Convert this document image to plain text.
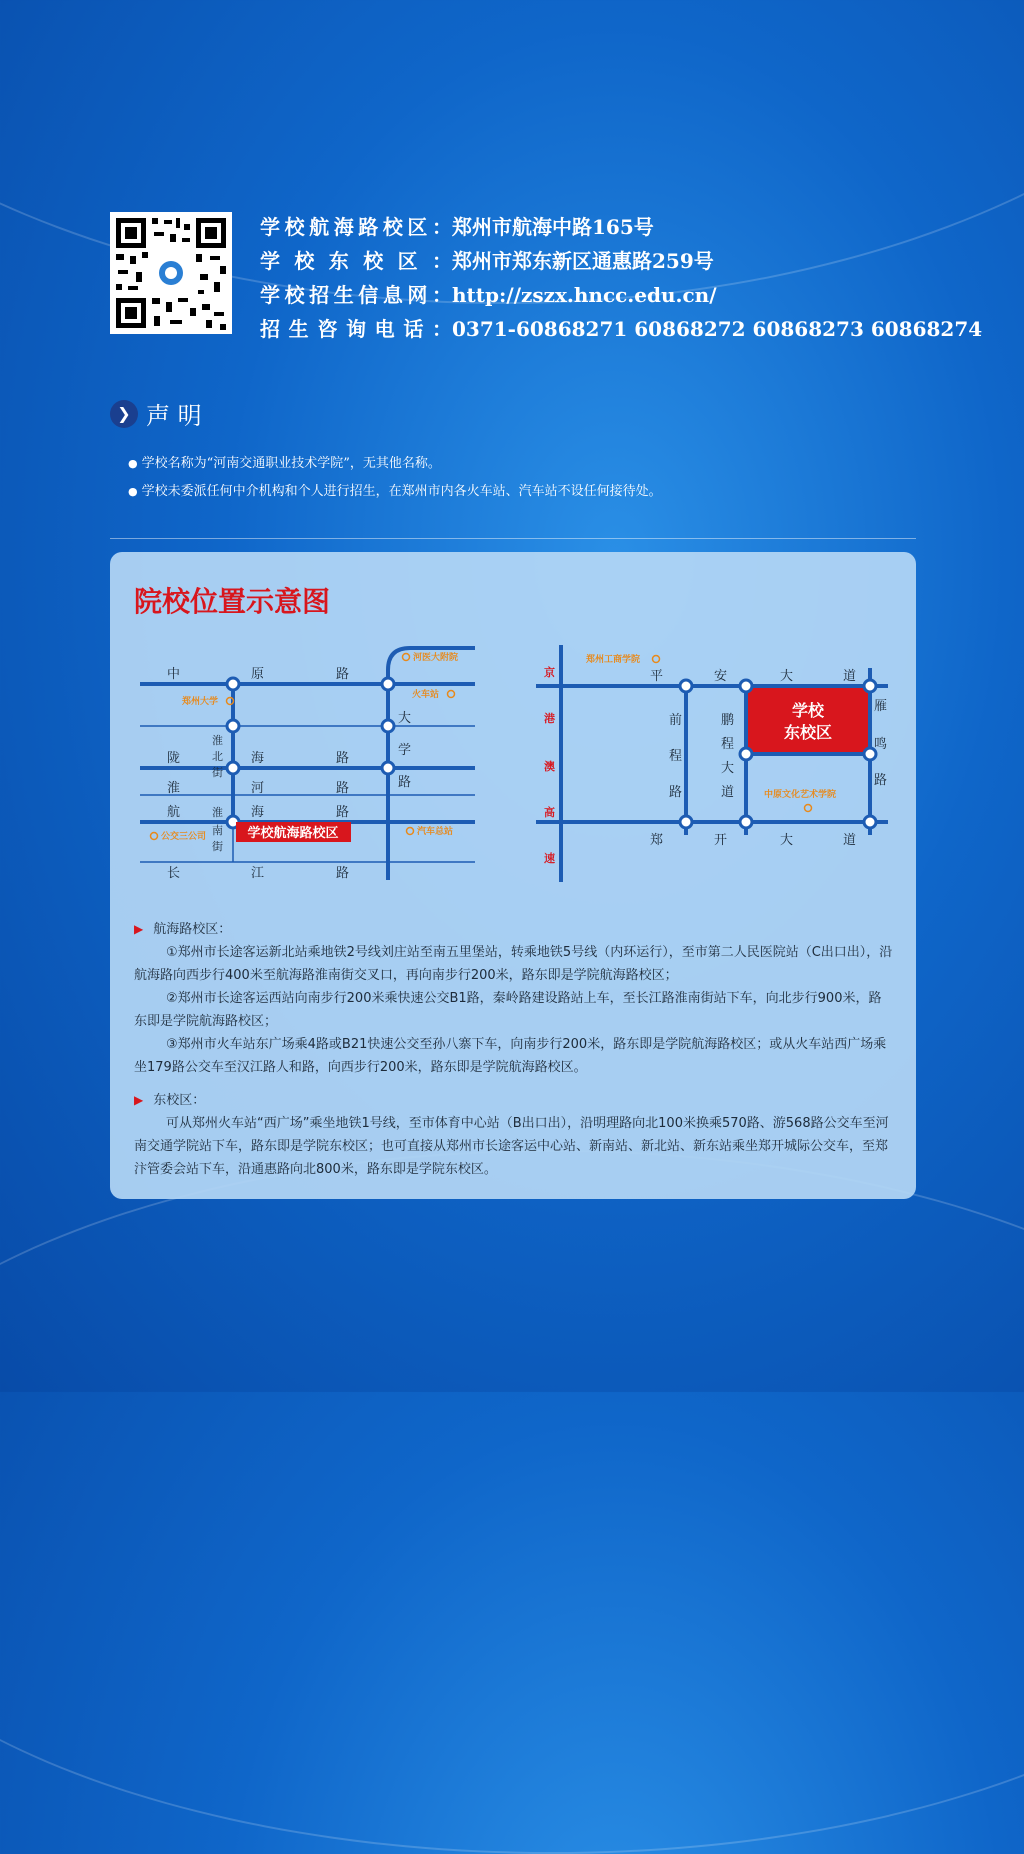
学校航海路校区： 郑州市航海中路165号
学校东校区： 郑州市郑东新区通惠路259号
学校招生信息网： http://zszx.hncc.edu.cn/
招生咨询电话： 0371-60868271 60868272 60868273 60868274
❯ 声 明
● 学校名称为“河南交通职业技术学院”，无其他名称。
● 学校未委派任何中介机构和个人进行招生，在郑州市内各火车站、汽车站不设任何接待处。
院校位置示意图
中	原	路
陇	海	路
淮	河	路
航	海	路
长	江	路
淮
北
街
淮
南
街
大
学
路
河医大附院
火车站
郑州大学
公交三公司	汽车总站
学校航海路校区
学校
东校区
平	安	大	道
郑	开	大	道
前
程
路
鹏
程
大
道
雁
鸣
路
京
港
澳
高
速
郑州工商学院
中原文化艺术学院
▶ 航海路校区：
①郑州市长途客运新北站乘地铁2号线刘庄站至南五里堡站，转乘地铁5号线（内环运行），至市第二人民医院站（C出口出），沿航海路向西步行400米至航海路淮南街交叉口，再向南步行200米，路东即是学院航海路校区；
②郑州市长途客运西站向南步行200米乘快速公交B1路，秦岭路建设路站上车，至长江路淮南街站下车，向北步行900米，路东即是学院航海路校区；
③郑州市火车站东广场乘4路或B21快速公交至孙八寨下车，向南步行200米，路东即是学院航海路校区；或从火车站西广场乘坐179路公交车至汉江路人和路，向西步行200米，路东即是学院航海路校区。
▶ 东校区：
可从郑州火车站“西广场”乘坐地铁1号线，至市体育中心站（B出口出），沿明理路向北100米换乘570路、游568路公交车至河南交通学院站下车，路东即是学院东校区；也可直接从郑州市长途客运中心站、新南站、新北站、新东站乘坐郑开城际公交车，至郑汴管委会站下车，沿通惠路向北800米，路东即是学院东校区。
